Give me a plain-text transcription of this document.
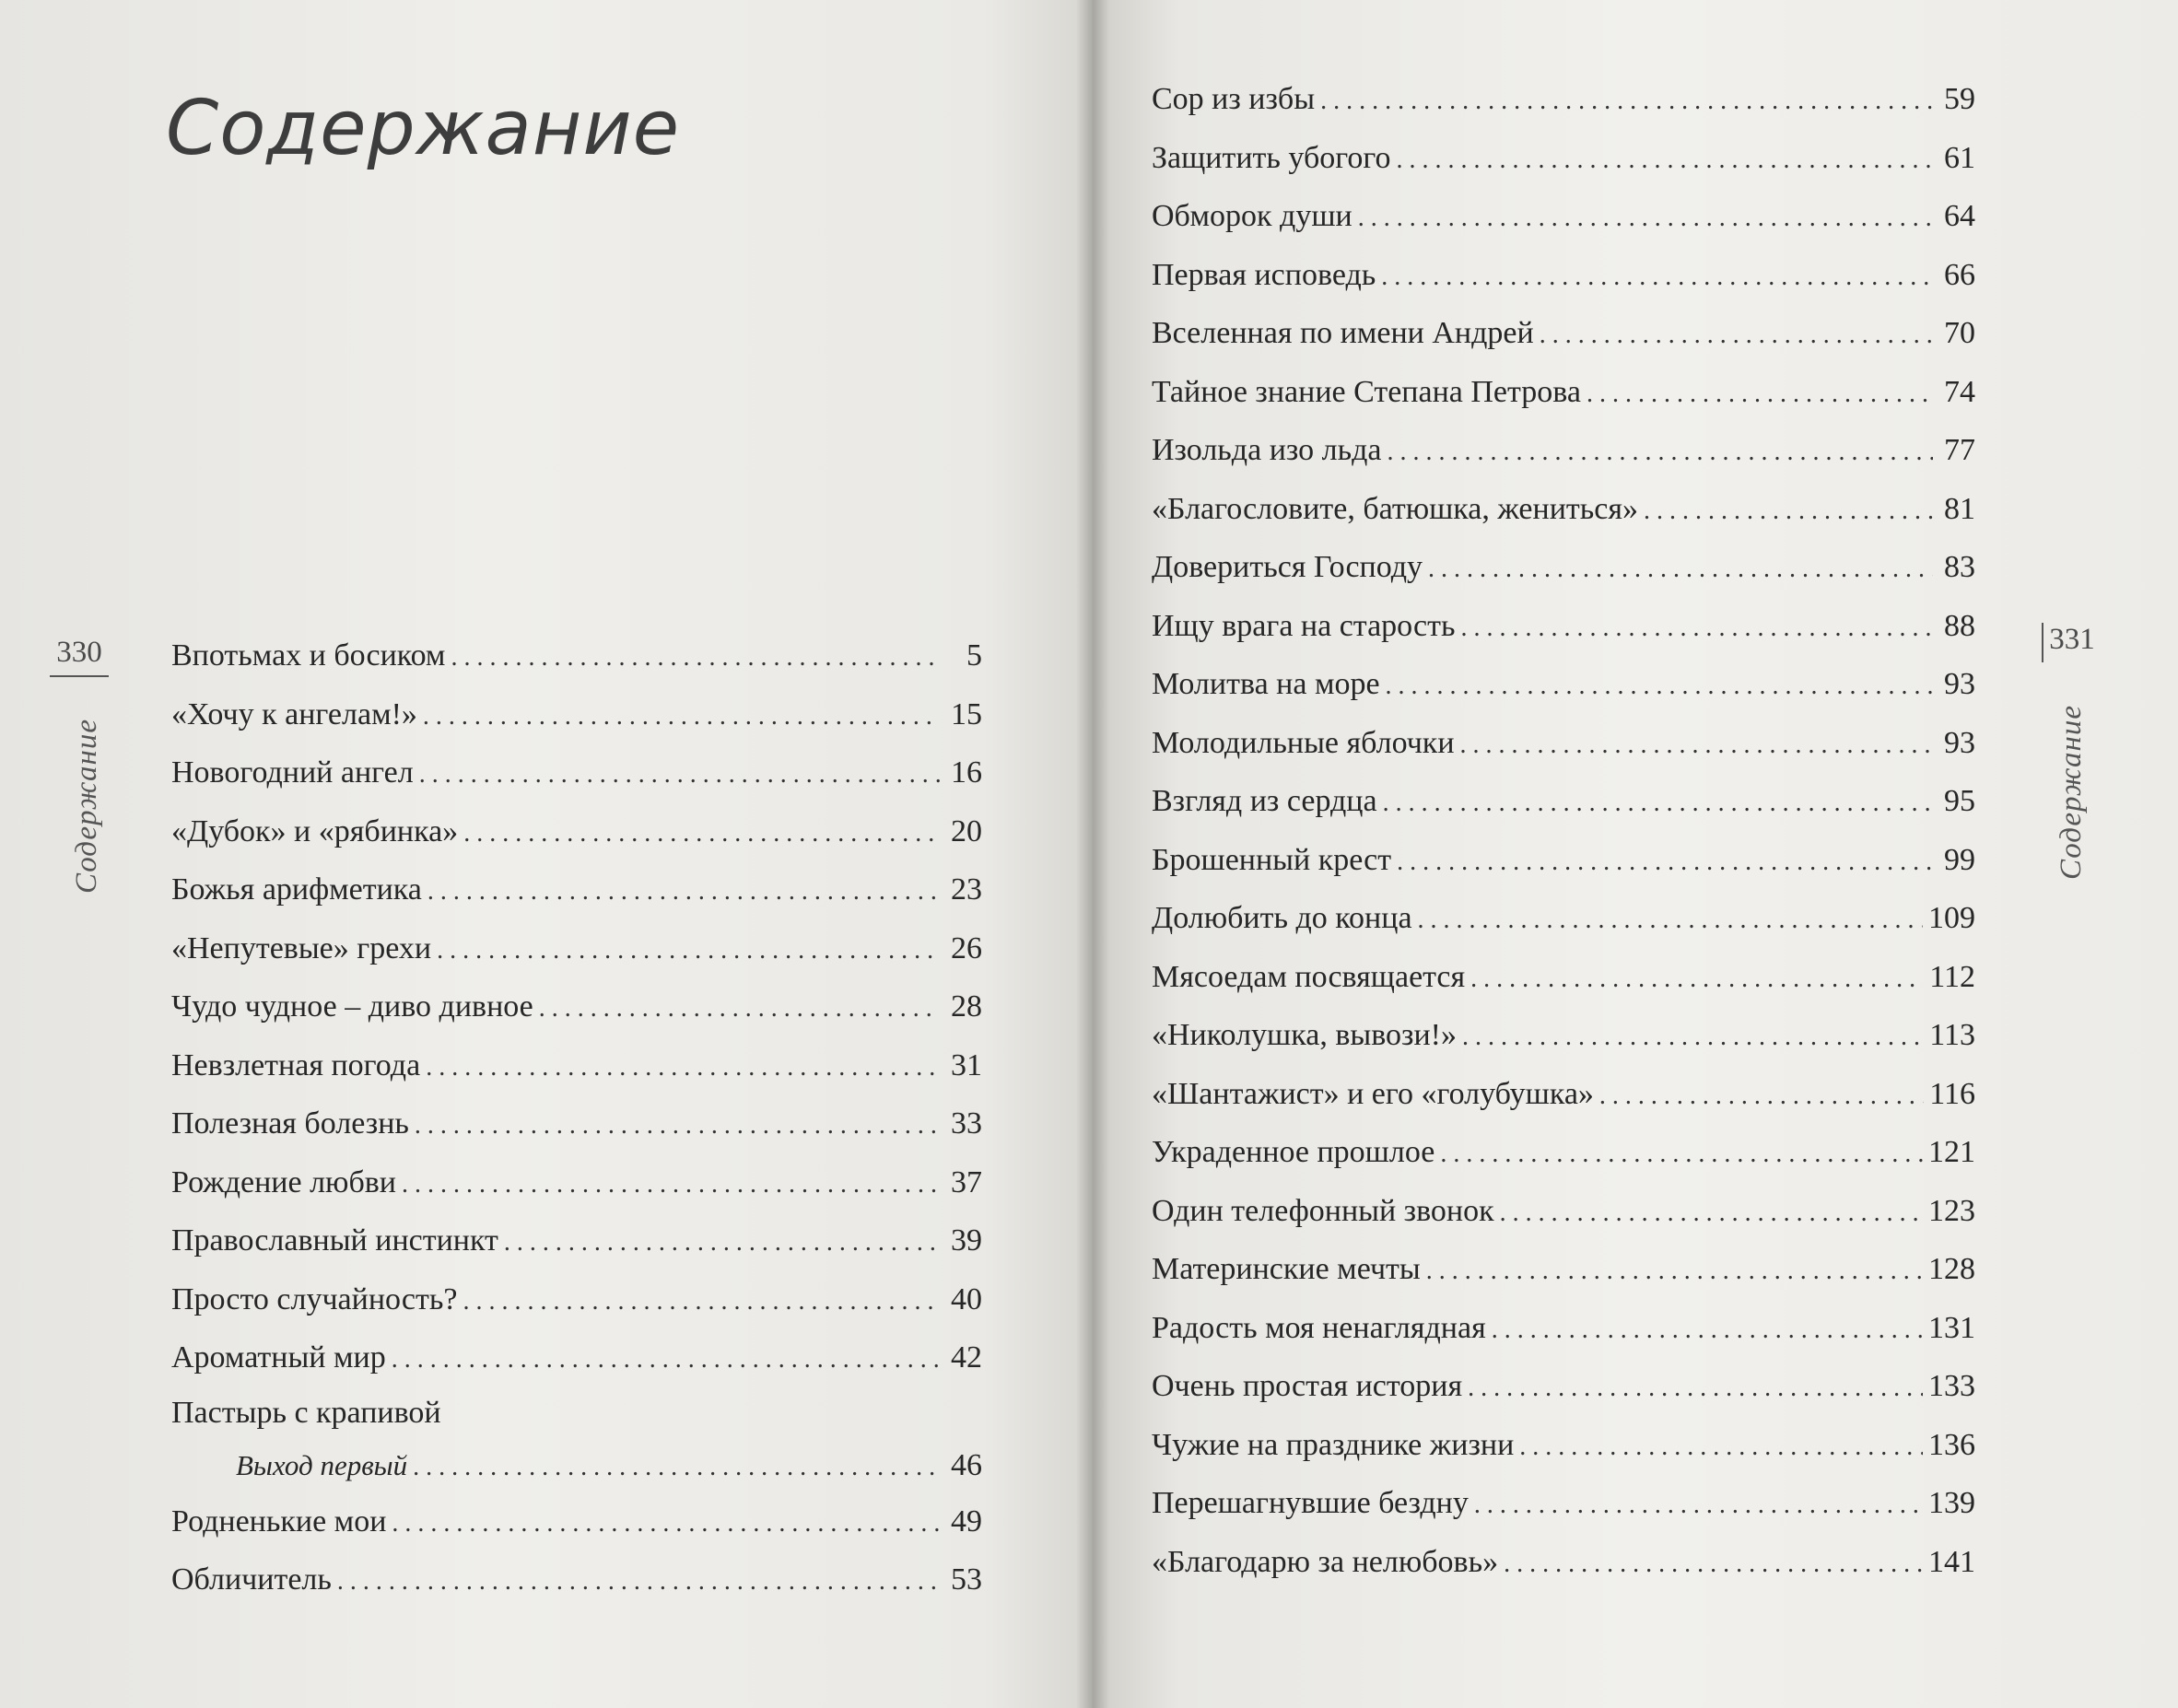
Содержание
330
Содержание
Впотьмах и босиком . . .	5
«Хочу к ангелам!» . . .	15
Новогодний ангел . . .	16
«Дубок» и «рябинка» . . .	20
Божья арифметика . . .	23
«Непутевые» грехи . . .	26
Чудо чудное – диво дивное . . .	28
Невзлетная погода . . .	31
Полезная болезнь . . .	33
Рождение любви . . .	37
Православный инстинкт . . .	39
Просто случайность? . . .	40
Ароматный мир . . .	42
Пастырь с крапивой
Выход первый . . .	46
Родненькие мои . . .	49
Обличитель . . .	53
331
Содержание
Сор из избы . . .	59
Защитить убогого . . .	61
Обморок души . . .	64
Первая исповедь . . .	66
Вселенная по имени Андрей . . .	70
Тайное знание Степана Петрова . . .	74
Изольда изо льда . . .	77
«Благословите, батюшка, жениться» . . .	81
Довериться Господу . . .	83
Ищу врага на старость . . .	88
Молитва на море . . .	93
Молодильные яблочки . . .	93
Взгляд из сердца . . .	95
Брошенный крест . . .	99
Долюбить до конца . . .	109
Мясоедам посвящается . . .	112
«Николушка, вывози!» . . .	113
«Шантажист» и его «голубушка» . . .	116
Украденное прошлое . . .	121
Один телефонный звонок . . .	123
Материнские мечты . . .	128
Радость моя ненаглядная . . .	131
Очень простая история . . .	133
Чужие на празднике жизни . . .	136
Перешагнувшие бездну . . .	139
«Благодарю за нелюбовь» . . .	141
